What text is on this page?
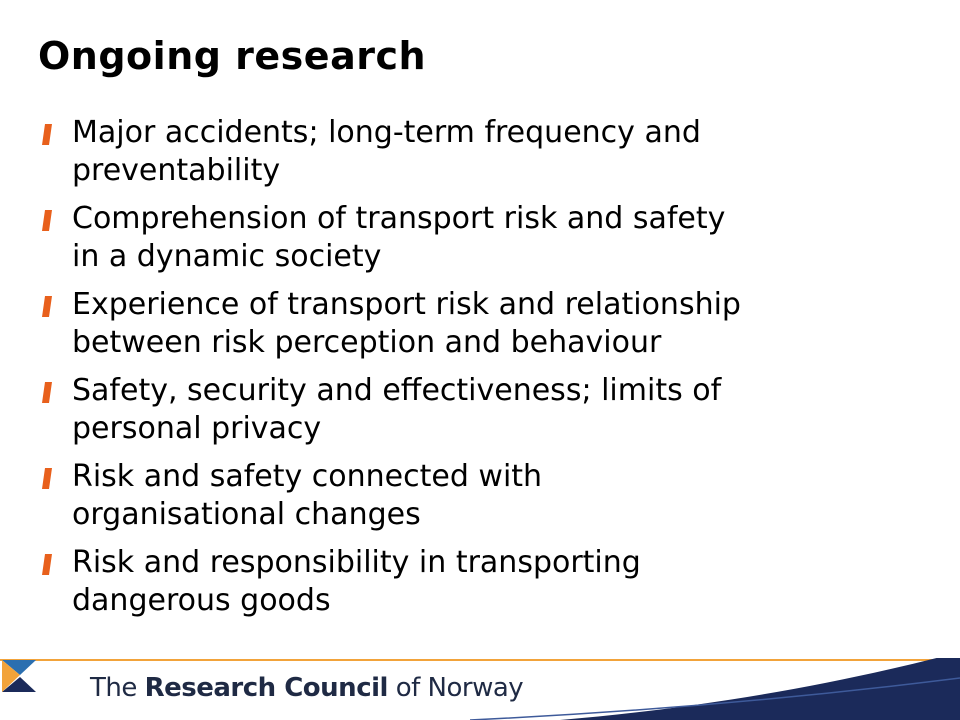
Ongoing research
Major accidents; long-term frequency and
preventability
Comprehension of transport risk and safety
in a dynamic society
Experience of transport risk and relationship
between risk perception and behaviour
Safety, security and effectiveness; limits of
personal privacy
Risk and safety connected with
organisational changes
Risk and responsibility in transporting
dangerous goods
The Research Council of Norway
